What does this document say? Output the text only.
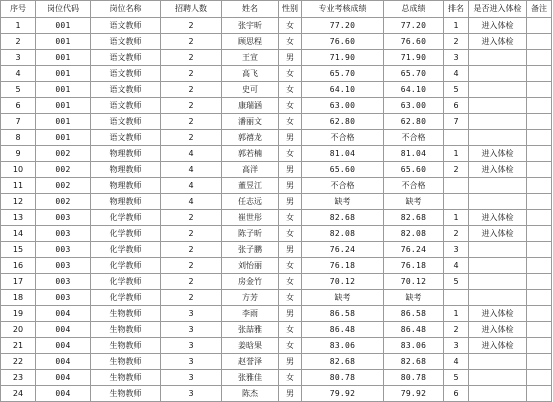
序号	岗位代码	岗位名称	招聘人数	姓名	性别	专业考核成绩	总成绩	排名	是否进入体检	备注
1	001	语文教师	2	张宇昕	女	77.20	77.20	1	进入体检	
2	001	语文教师	2	顾思程	女	76.60	76.60	2	进入体检	
3	001	语文教师	2	王宣	男	71.90	71.90	3		
4	001	语文教师	2	高飞	女	65.70	65.70	4		
5	001	语文教师	2	史可	女	64.10	64.10	5		
6	001	语文教师	2	康瑞涵	女	63.00	63.00	6		
7	001	语文教师	2	潘丽文	女	62.80	62.80	7		
8	001	语文教师	2	郭禧龙	男	不合格	不合格			
9	002	物理教师	4	郭若楠	女	81.04	81.04	1	进入体检	
10	002	物理教师	4	高洋	男	65.60	65.60	2	进入体检	
11	002	物理教师	4	董昱江	男	不合格	不合格			
12	002	物理教师	4	任志远	男	缺考	缺考			
13	003	化学教师	2	崔世彤	女	82.68	82.68	1	进入体检	
14	003	化学教师	2	陈子昕	女	82.08	82.08	2	进入体检	
15	003	化学教师	2	张子鹏	男	76.24	76.24	3		
16	003	化学教师	2	刘怡丽	女	76.18	76.18	4		
17	003	化学教师	2	房金竹	女	70.12	70.12	5		
18	003	化学教师	2	方芳	女	缺考	缺考			
19	004	生物教师	3	李雨	男	86.58	86.58	1	进入体检	
20	004	生物教师	3	张喆雅	女	86.48	86.48	2	进入体检	
21	004	生物教师	3	姜晗果	女	83.06	83.06	3	进入体检	
22	004	生物教师	3	赵誉泽	男	82.68	82.68	4		
23	004	生物教师	3	张雅佳	女	80.78	80.78	5		
24	004	生物教师	3	陈杰	男	79.92	79.92	6		
